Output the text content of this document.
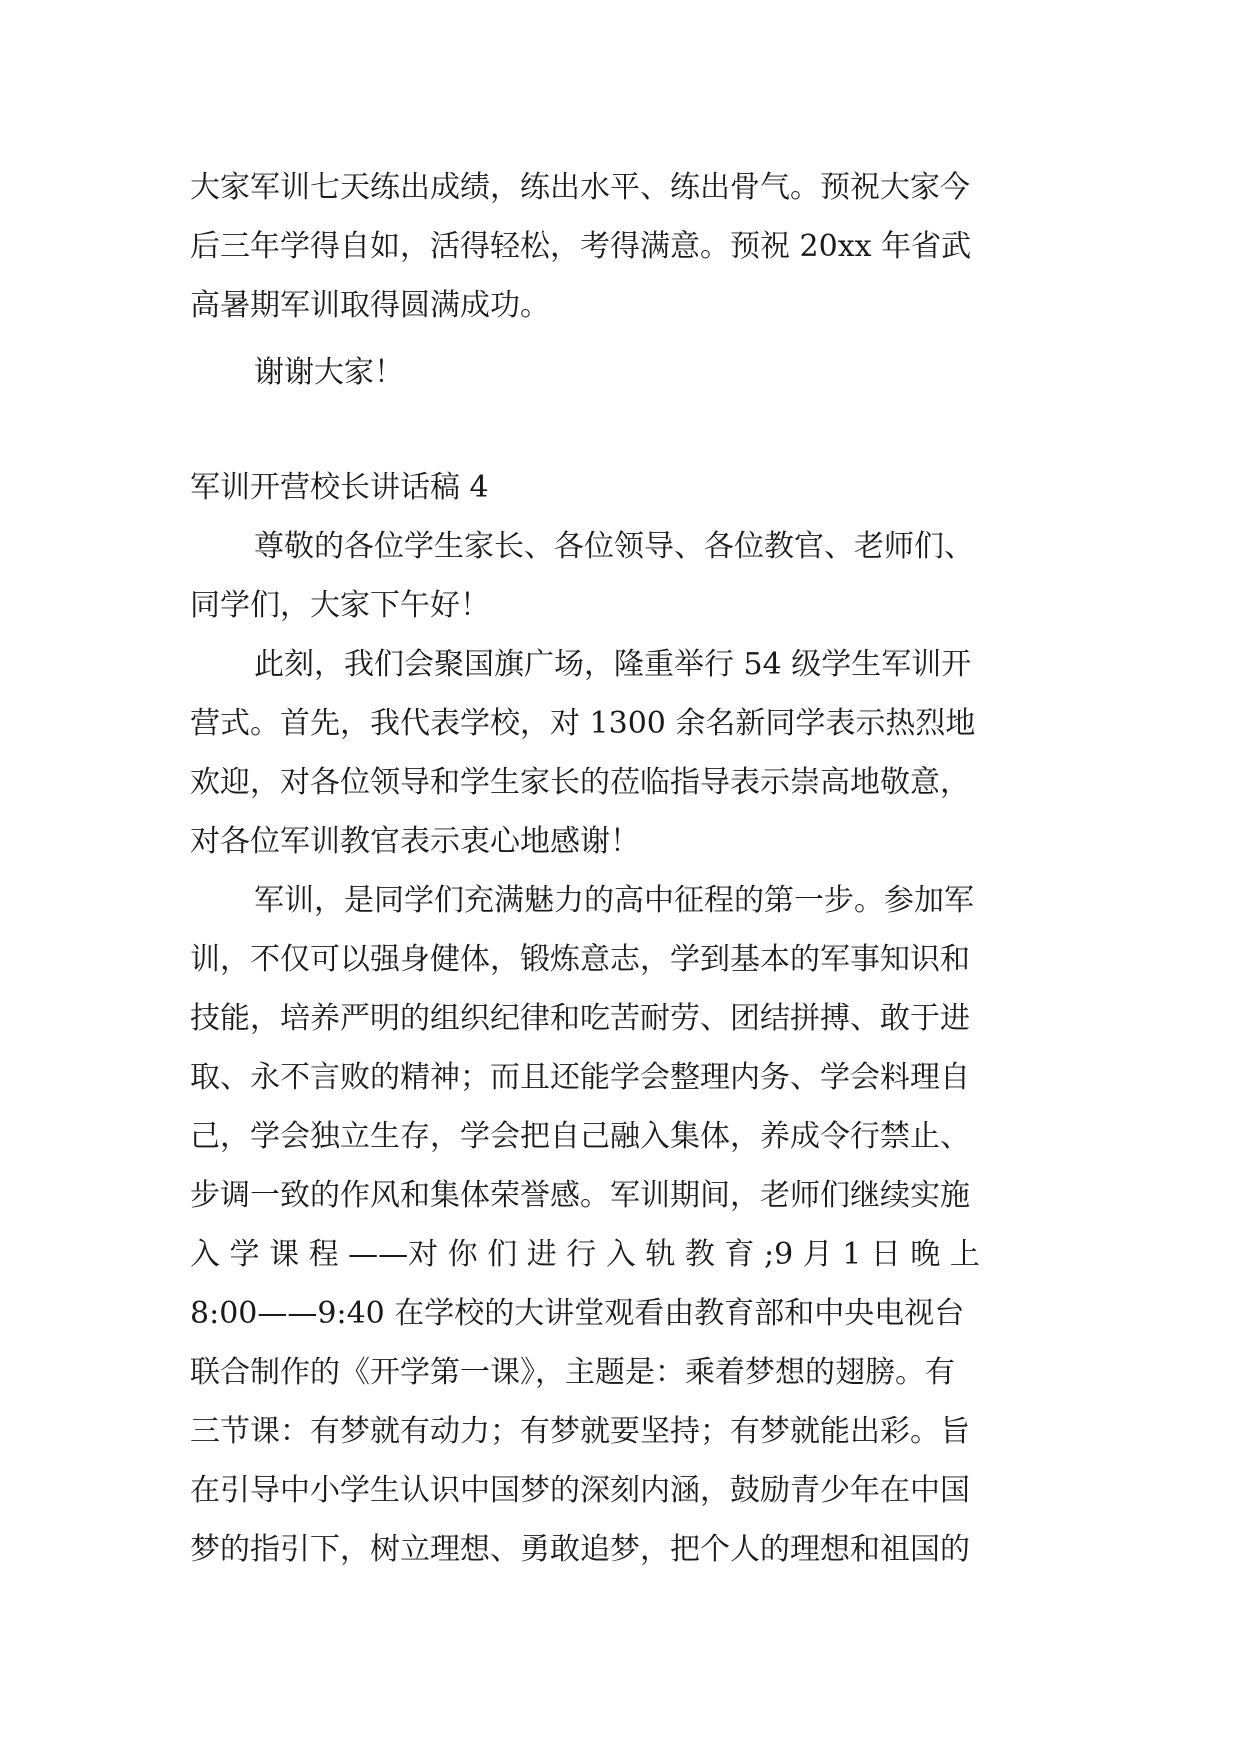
大家军训七天练出成绩，练出水平、练出骨气。预祝大家今
后三年学得自如，活得轻松，考得满意。预祝 20xx 年省武
高暑期军训取得圆满成功。
谢谢大家！
军训开营校长讲话稿 4
尊敬的各位学生家长、各位领导、各位教官、老师们、
同学们，大家下午好！
此刻，我们会聚国旗广场，隆重举行 54 级学生军训开
营式。首先，我代表学校，对 1300 余名新同学表示热烈地
欢迎，对各位领导和学生家长的莅临指导表示崇高地敬意，
对各位军训教官表示衷心地感谢！
军训，是同学们充满魅力的高中征程的第一步。参加军
训，不仅可以强身健体，锻炼意志，学到基本的军事知识和
技能，培养严明的组织纪律和吃苦耐劳、团结拼搏、敢于进
取、永不言败的精神；而且还能学会整理内务、学会料理自
己，学会独立生存，学会把自己融入集体，养成令行禁止、
步调一致的作风和集体荣誉感。军训期间，老师们继续实施
入 学 课 程 ——对 你 们 进 行 入 轨 教 育 ;9 月 1 日 晚 上
8:00——9:40 在学校的大讲堂观看由教育部和中央电视台
联合制作的《开学第一课》，主题是：乘着梦想的翅膀。有
三节课：有梦就有动力；有梦就要坚持；有梦就能出彩。旨
在引导中小学生认识中国梦的深刻内涵，鼓励青少年在中国
梦的指引下，树立理想、勇敢追梦，把个人的理想和祖国的
